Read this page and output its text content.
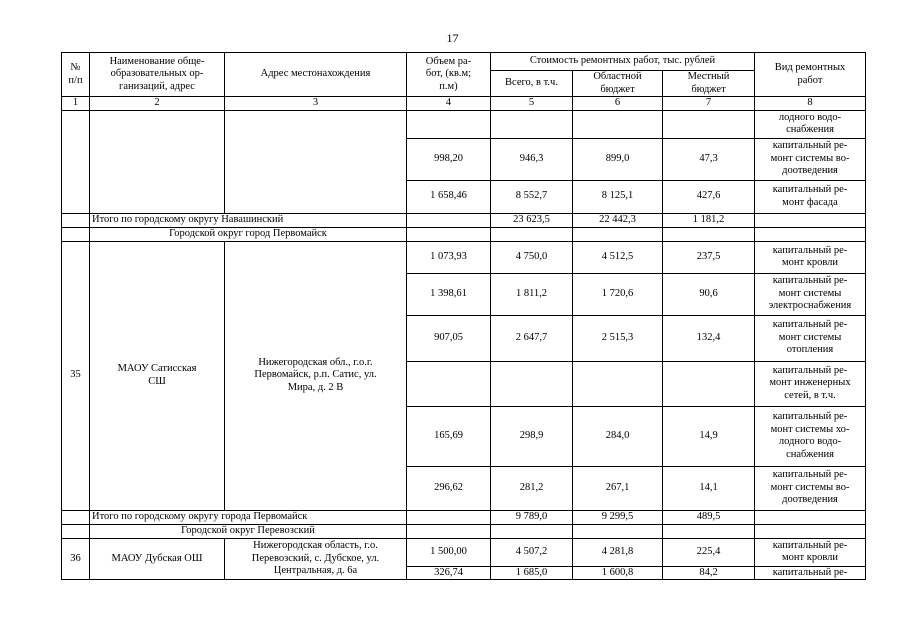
17
№
п/п	Наименование обще-
образовательных ор-
ганизаций, адрес	Адрес местонахождения	Объем ра-
бот, (кв.м;
п.м)	Стоимость ремонтных работ, тыс. рублей			Вид ремонтных
работ
				Всего, в т.ч.	Областной
бюджет	Местный
бюджет	
1	2	3	4	5	6	7	8
							лодного водо-
снабжения
			998,20	946,3	899,0	47,3	капитальный ре-
монт системы во-
доотведения
			1 658,46	8 552,7	8 125,1	427,6	капитальный ре-
монт фасада
	Итого по городскому округу Навашинский			23 623,5	22 442,3	1 181,2	
	Городской округ город Первомайск						
35	МАОУ Сатисская
СШ	Нижегородская обл., г.о.г.
Первомайск, р.п. Сатис, ул.
Мира, д. 2 В	1 073,93	4 750,0	4 512,5	237,5	капитальный ре-
монт кровли
			1 398,61	1 811,2	1 720,6	90,6	капитальный ре-
монт системы
электроснабжения
			907,05	2 647,7	2 515,3	132,4	капитальный ре-
монт системы
отопления
							капитальный ре-
монт инженерных
сетей, в т.ч.
			165,69	298,9	284,0	14,9	капитальный ре-
монт системы хо-
лодного водо-
снабжения
			296,62	281,2	267,1	14,1	капитальный ре-
монт системы во-
доотведения
	Итого по городскому округу города Первомайск			9 789,0	9 299,5	489,5	
	Городской округ Перевозский						
36	МАОУ Дубская ОШ	Нижегородская область, г.о.
Перевозский, с. Дубское, ул.
Центральная, д. 6а	1 500,00	4 507,2	4 281,8	225,4	капитальный ре-
монт кровли
			326,74	1 685,0	1 600,8	84,2	капитальный ре-
